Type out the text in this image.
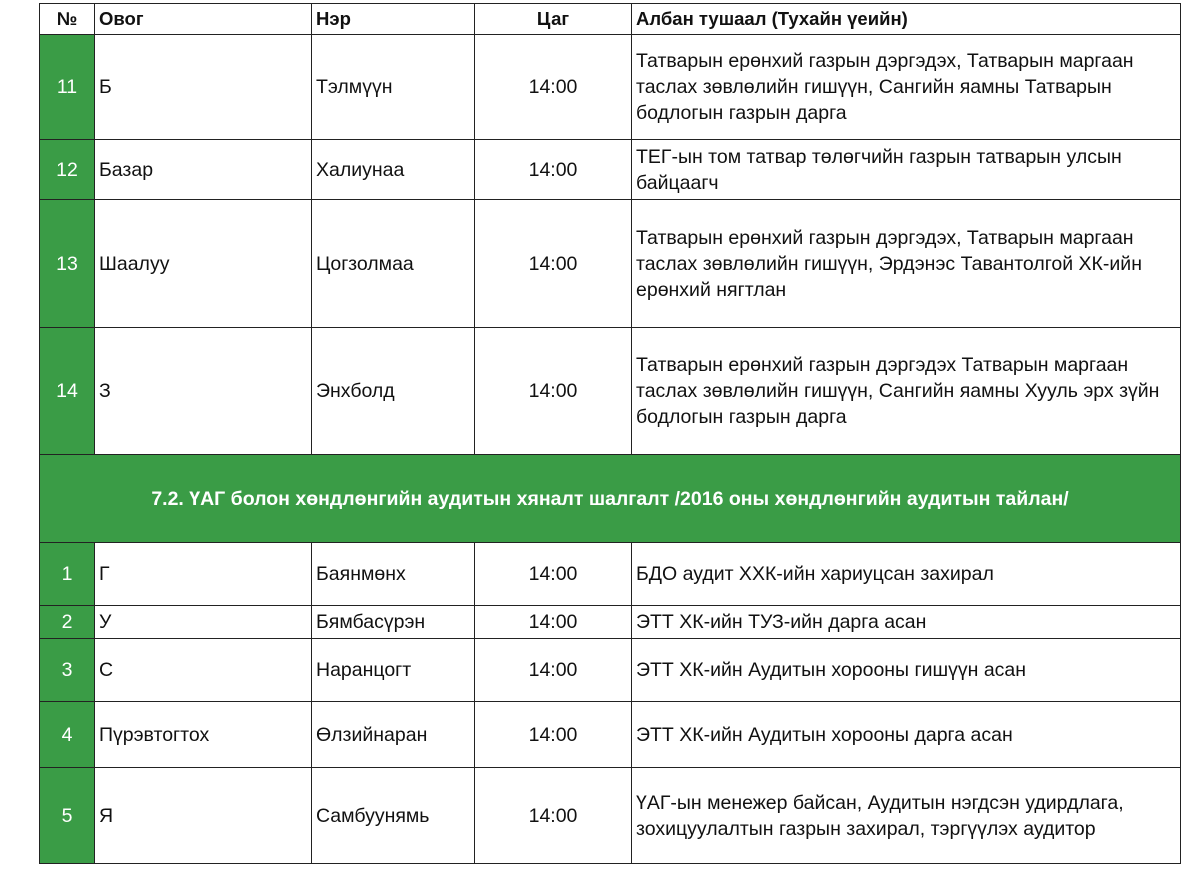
№	Овог	Нэр	Цаг	Албан тушаал (Тухайн үеийн)
11	Б	Тэлмүүн	14:00	Татварын ерөнхий газрын дэргэдэх, Татварын маргаан таслах зөвлөлийн гишүүн, Сангийн яамны Татварын бодлогын газрын дарга
12	Базар	Халиунаа	14:00	ТЕГ-ын том татвар төлөгчийн газрын татварын улсын байцаагч
13	Шаалуу	Цогзолмаа	14:00	Татварын ерөнхий газрын дэргэдэх, Татварын маргаан таслах зөвлөлийн гишүүн, Эрдэнэс Тавантолгой ХК-ийн ерөнхий нягтлан
14	З	Энхболд	14:00	Татварын ерөнхий газрын дэргэдэх Татварын маргаан таслах зөвлөлийн гишүүн, Сангийн яамны Хууль эрх зүйн бодлогын газрын дарга
7.2. ҮАГ болон хөндлөнгийн аудитын хяналт шалгалт /2016 оны хөндлөнгийн аудитын тайлан/				
1	Г	Баянмөнх	14:00	БДО аудит ХХК-ийн хариуцсан захирал
2	У	Бямбасүрэн	14:00	ЭТТ ХК-ийн ТУЗ-ийн дарга асан
3	С	Наранцогт	14:00	ЭТТ ХК-ийн Аудитын хорооны гишүүн асан
4	Пүрэвтогтох	Өлзийнаран	14:00	ЭТТ ХК-ийн Аудитын хорооны дарга асан
5	Я	Самбуунямь	14:00	ҮАГ-ын менежер байсан, Аудитын нэгдсэн удирдлага, зохицуулалтын газрын захирал, тэргүүлэх аудитор
